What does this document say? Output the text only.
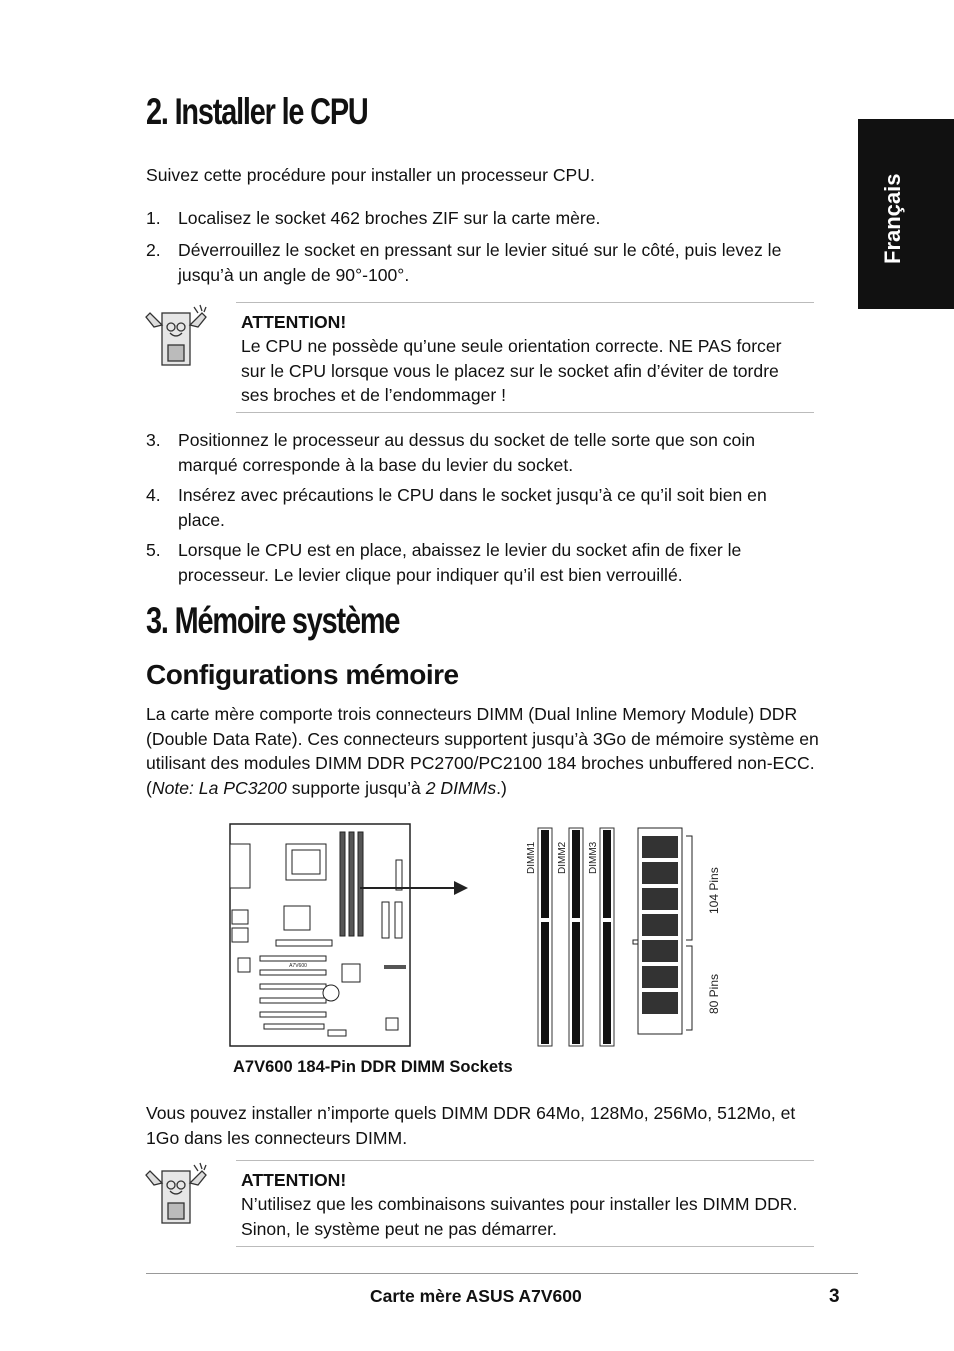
Français
2. Installer le CPU
Suivez cette procédure pour installer un processeur CPU.
1. Localisez le socket 462 broches ZIF sur la carte mère.
2. Déverrouillez le socket en pressant sur le levier situé sur le côté, puis levez le jusqu’à un angle de 90°-100°.
ATTENTION!
Le CPU ne possède qu’une seule orientation correcte. NE PAS forcer sur le CPU lorsque vous le placez sur le socket afin d’éviter de tordre ses broches et de l’endommager !
3. Positionnez le processeur au dessus du socket de telle sorte que son coin marqué corresponde à la base du levier du socket.
4. Insérez avec précautions le CPU dans le socket jusqu’à ce qu’il soit bien en place.
5. Lorsque le CPU est en place, abaissez le levier du socket afin de fixer le processeur. Le levier clique pour indiquer qu’il est bien verrouillé.
3. Mémoire système
Configurations mémoire
La carte mère comporte trois connecteurs DIMM (Dual Inline Memory Module) DDR (Double Data Rate). Ces connecteurs supportent jusqu’à 3Go de mémoire système en utilisant des modules DIMM DDR PC2700/PC2100 184 broches unbuffered non-ECC. (Note: La PC3200 supporte jusqu’à 2 DIMMs.)
A7V600
DIMM1 DIMM2 DIMM3
104 Pins
80 Pins
A7V600 184-Pin DDR DIMM Sockets
Vous pouvez installer n’importe quels DIMM DDR 64Mo, 128Mo, 256Mo, 512Mo, et 1Go dans les connecteurs DIMM.
ATTENTION!
N’utilisez que les combinaisons suivantes pour installer les DIMM DDR. Sinon, le système peut ne pas démarrer.
Carte mère ASUS A7V600	3
